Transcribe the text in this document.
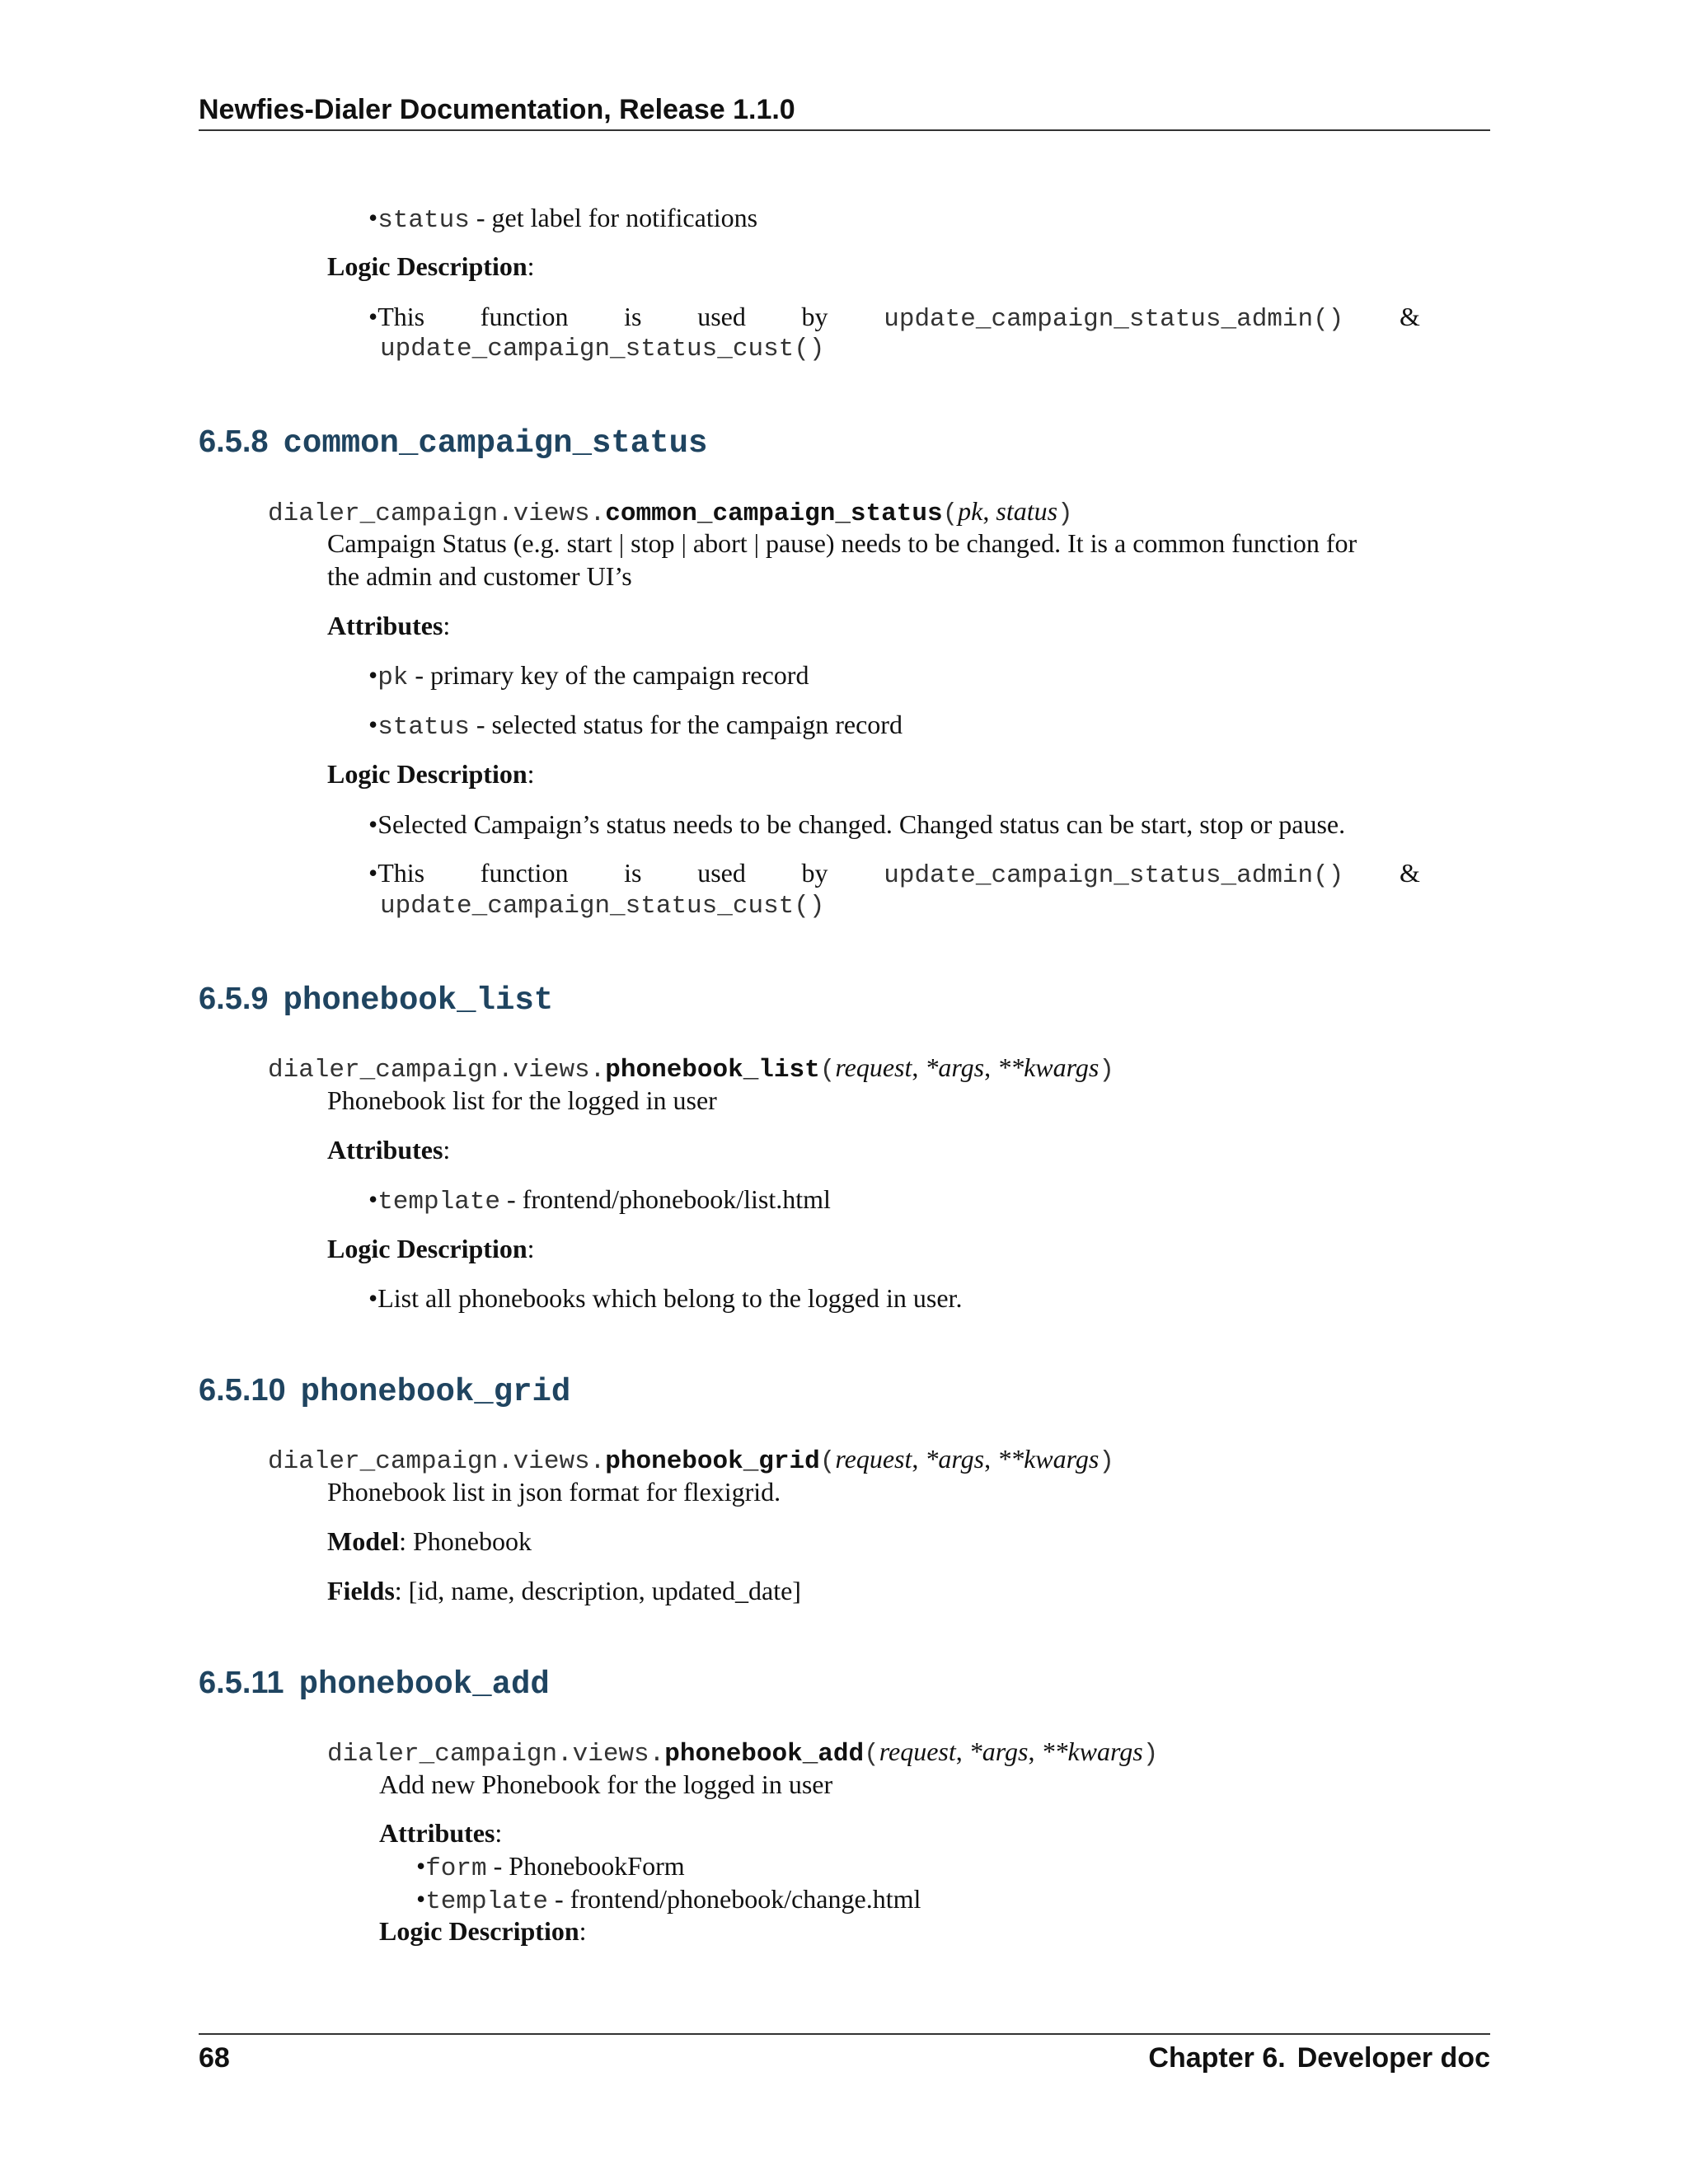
Newfies-Dialer Documentation, Release 1.1.0
•status - get label for notifications
Logic Description:
•This function is used by update_campaign_status_admin() &
update_campaign_status_cust()
6.5.8 common_campaign_status
dialer_campaign.views.common_campaign_status(pk, status)
Campaign Status (e.g. start | stop | abort | pause) needs to be changed. It is a common function for
the admin and customer UI’s
Attributes:
•pk - primary key of the campaign record
•status - selected status for the campaign record
Logic Description:
•Selected Campaign’s status needs to be changed. Changed status can be start, stop or pause.
•This function is used by update_campaign_status_admin() &
update_campaign_status_cust()
6.5.9 phonebook_list
dialer_campaign.views.phonebook_list(request, *args, **kwargs)
Phonebook list for the logged in user
Attributes:
•template - frontend/phonebook/list.html
Logic Description:
•List all phonebooks which belong to the logged in user.
6.5.10 phonebook_grid
dialer_campaign.views.phonebook_grid(request, *args, **kwargs)
Phonebook list in json format for flexigrid.
Model: Phonebook
Fields: [id, name, description, updated_date]
6.5.11 phonebook_add
dialer_campaign.views.phonebook_add(request, *args, **kwargs)
Add new Phonebook for the logged in user
Attributes:
•form - PhonebookForm
•template - frontend/phonebook/change.html
Logic Description:
68	Chapter 6. Developer doc
